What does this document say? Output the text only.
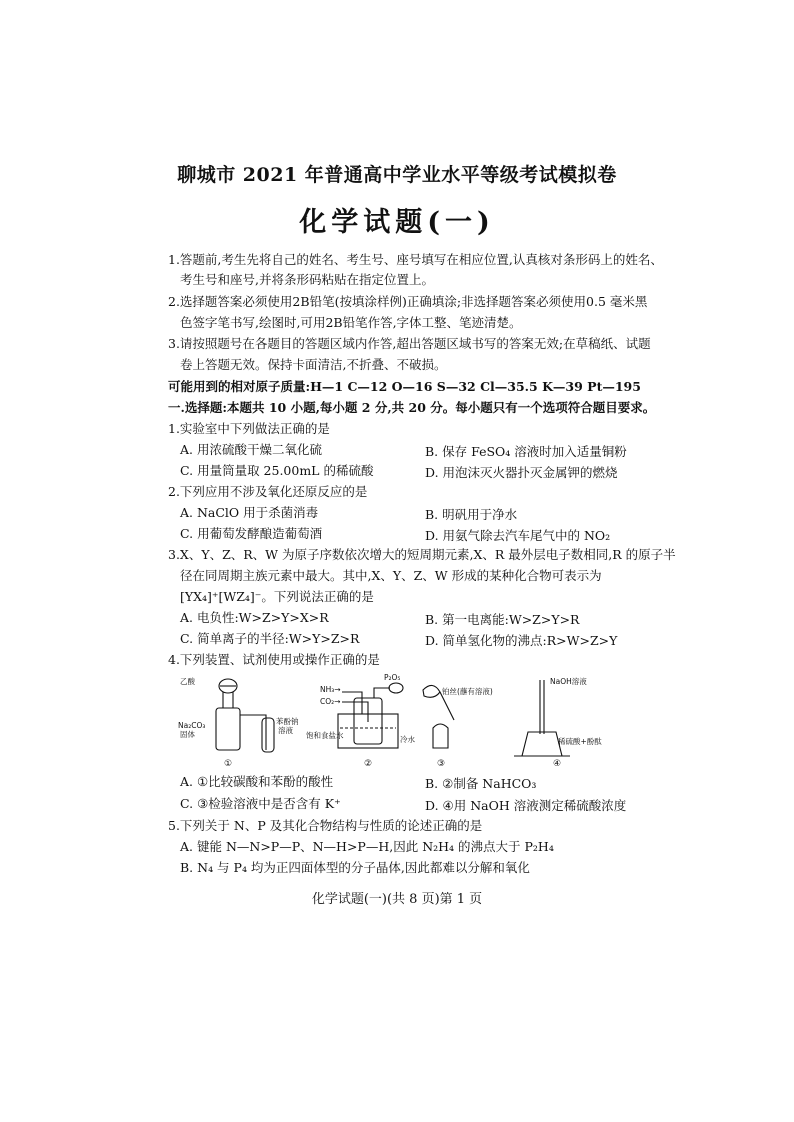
聊城市 2021 年普通高中学业水平等级考试模拟卷
化学试题(一)
1.答题前,考生先将自己的姓名、考生号、座号填写在相应位置,认真核对条形码上的姓名、
考生号和座号,并将条形码粘贴在指定位置上。
2.选择题答案必须使用2B铅笔(按填涂样例)正确填涂;非选择题答案必须使用0.5 毫米黑
色签字笔书写,绘图时,可用2B铅笔作答,字体工整、笔迹清楚。
3.请按照题号在各题目的答题区域内作答,超出答题区域书写的答案无效;在草稿纸、试题
卷上答题无效。保持卡面清洁,不折叠、不破损。
可能用到的相对原子质量:H—1 C—12 O—16 S—32 Cl—35.5 K—39 Pt—195
一.选择题:本题共 10 小题,每小题 2 分,共 20 分。每小题只有一个选项符合题目要求。
1.实验室中下列做法正确的是
A. 用浓硫酸干燥二氧化硫	B. 保存 FeSO₄ 溶液时加入适量铜粉
C. 用量筒量取 25.00mL 的稀硫酸	D. 用泡沫灭火器扑灭金属钾的燃烧
2.下列应用不涉及氧化还原反应的是
A. NaClO 用于杀菌消毒	B. 明矾用于净水
C. 用葡萄发酵酿造葡萄酒	D. 用氨气除去汽车尾气中的 NO₂
3.X、Y、Z、R、W 为原子序数依次增大的短周期元素,X、R 最外层电子数相同,R 的原子半
径在同周期主族元素中最大。其中,X、Y、Z、W 形成的某种化合物可表示为
[YX₄]⁺[WZ₄]⁻。下列说法正确的是
A. 电负性:W>Z>Y>X>R	B. 第一电离能:W>Z>Y>R
C. 简单离子的半径:W>Y>Z>R	D. 简单氢化物的沸点:R>W>Z>Y
4.下列装置、试剂使用或操作正确的是
乙酸
Na₂CO₃
固体
苯酚钠
溶液
①
NH₃→
CO₂→
P₂O₅
饱和食盐水	冷水
②
铂丝(蘸有溶液)
③
NaOH溶液
稀硫酸+酚酞
④
A. ①比较碳酸和苯酚的酸性	B. ②制备 NaHCO₃
C. ③检验溶液中是否含有 K⁺	D. ④用 NaOH 溶液测定稀硫酸浓度
5.下列关于 N、P 及其化合物结构与性质的论述正确的是
A. 键能 N—N>P—P、N—H>P—H,因此 N₂H₄ 的沸点大于 P₂H₄
B. N₄ 与 P₄ 均为正四面体型的分子晶体,因此都难以分解和氧化
化学试题(一)(共 8 页)第 1 页
